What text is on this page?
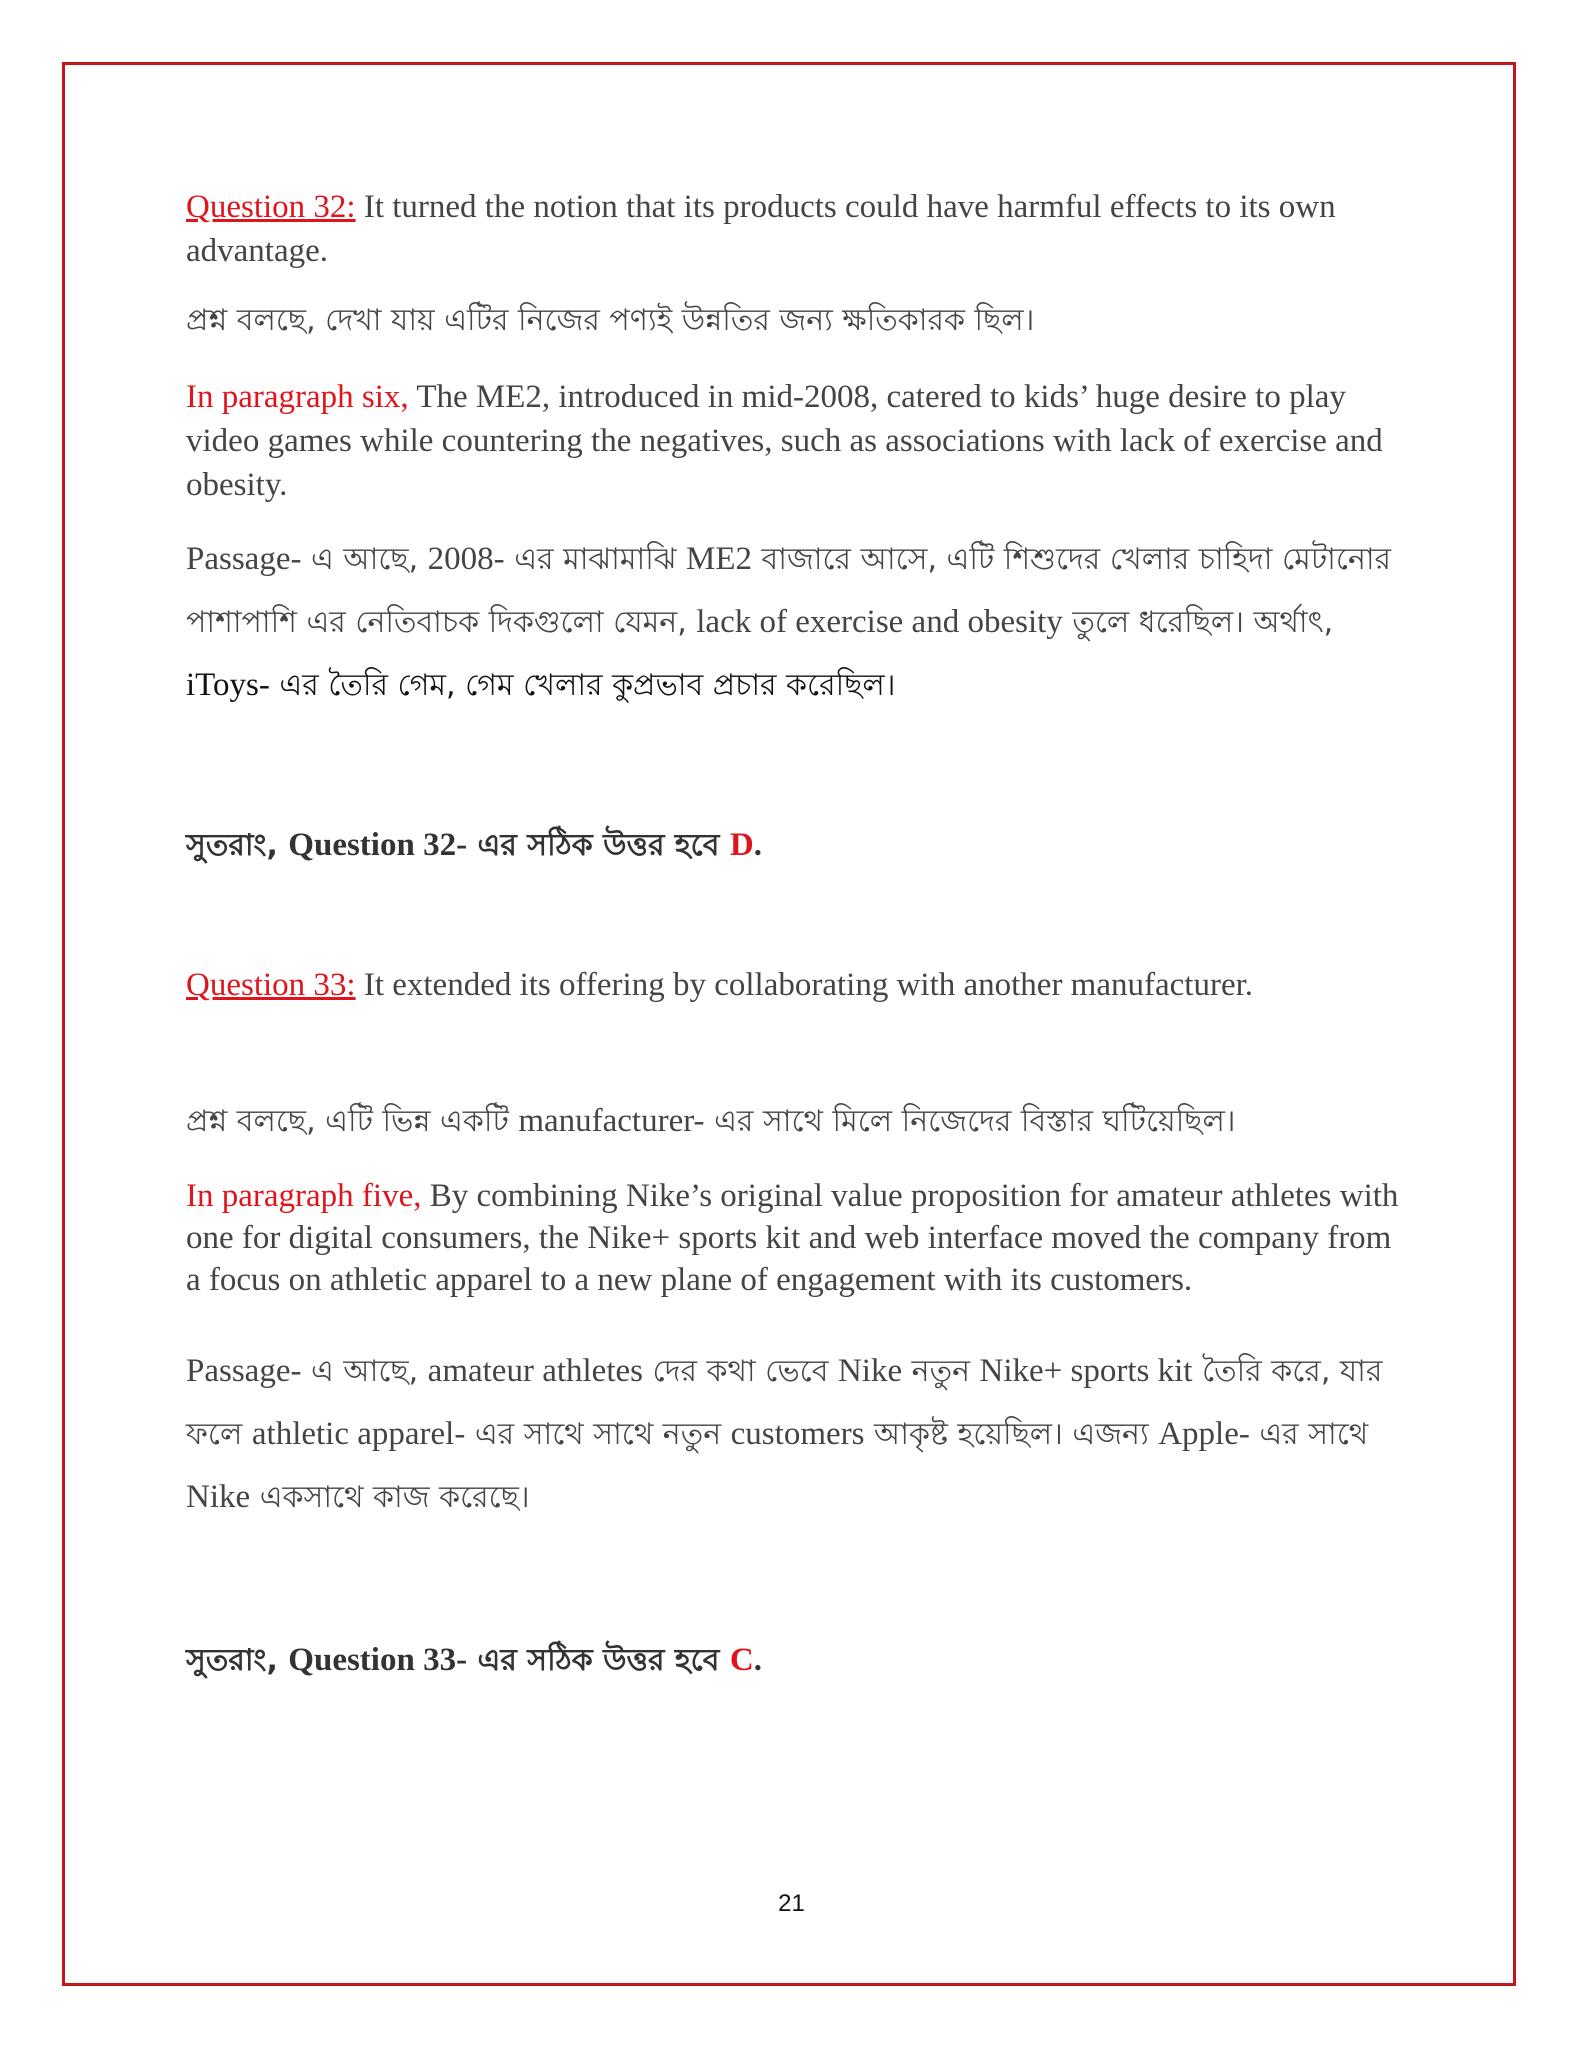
Question 32: It turned the notion that its products could have harmful effects to its own advantage.

প্রশ্ন বলছে, দেখা যায় এটির নিজের পণ্যই উন্নতির জন্য ক্ষতিকারক ছিল।

In paragraph six, The ME2, introduced in mid-2008, catered to kids’ huge desire to play video games while countering the negatives, such as associations with lack of exercise and obesity.

Passage- এ আছে, 2008- এর মাঝামাঝি ME2 বাজারে আসে, এটি শিশুদের খেলার চাহিদা মেটানোর পাশাপাশি এর নেতিবাচক দিকগুলো যেমন, lack of exercise and obesity তুলে ধরেছিল। অর্থাৎ, iToys- এর তৈরি গেম, গেম খেলার কুপ্রভাব প্রচার করেছিল।

সুতরাং, Question 32- এর সঠিক উত্তর হবে D.

Question 33: It extended its offering by collaborating with another manufacturer.

প্রশ্ন বলছে, এটি ভিন্ন একটি manufacturer- এর সাথে মিলে নিজেদের বিস্তার ঘটিয়েছিল।

In paragraph five, By combining Nike’s original value proposition for amateur athletes with one for digital consumers, the Nike+ sports kit and web interface moved the company from a focus on athletic apparel to a new plane of engagement with its customers.

Passage- এ আছে, amateur athletes দের কথা ভেবে Nike নতুন Nike+ sports kit তৈরি করে, যার ফলে athletic apparel- এর সাথে সাথে নতুন customers আকৃষ্ট হয়েছিল। এজন্য Apple- এর সাথে Nike একসাথে কাজ করেছে।

সুতরাং, Question 33- এর সঠিক উত্তর হবে C.

21
